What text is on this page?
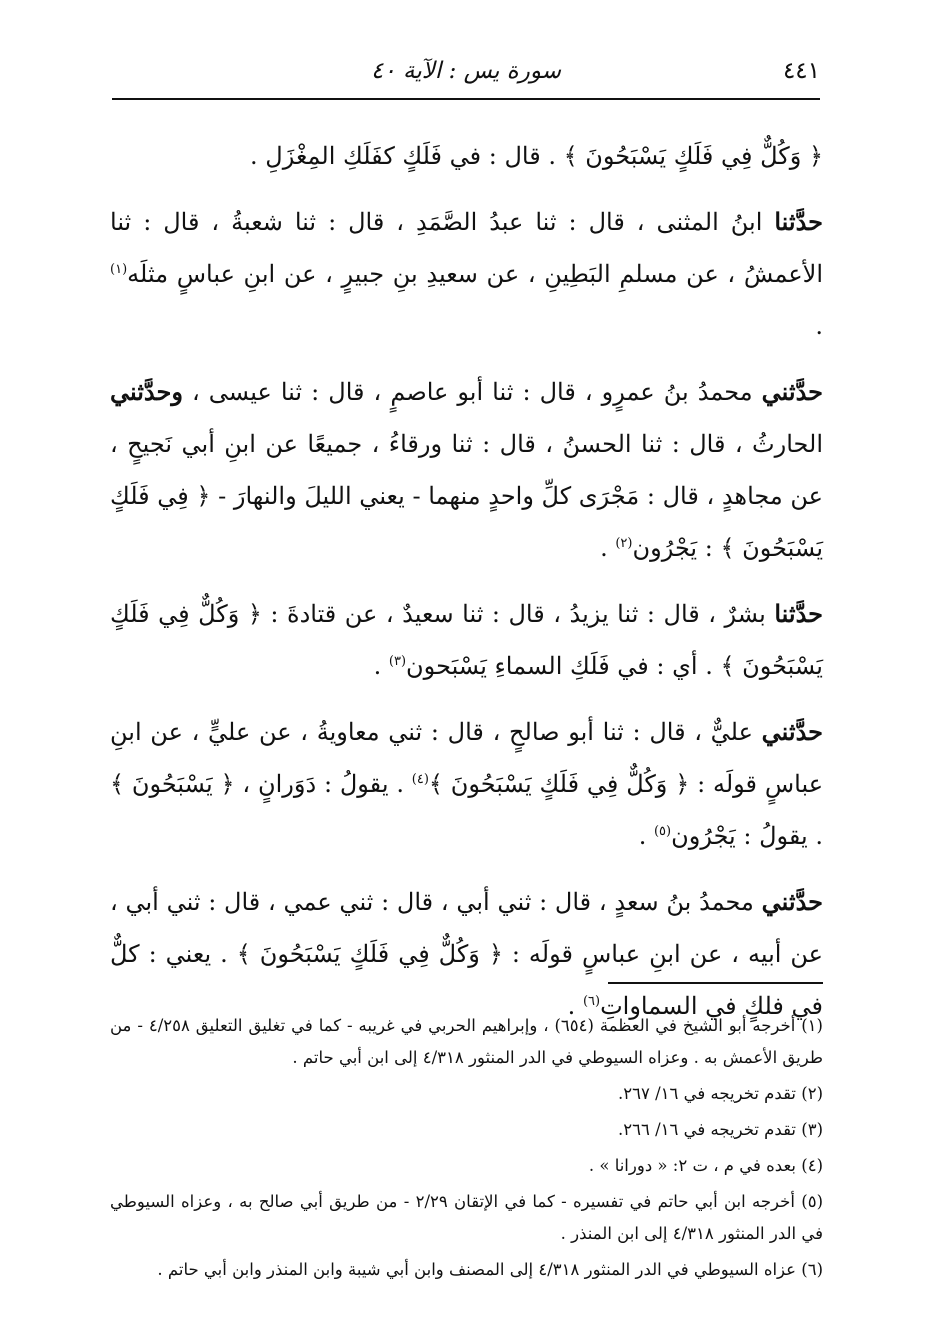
٤٤١
سورة يس : الآية ٤٠

﴿ وَكُلٌّ فِي فَلَكٍ يَسْبَحُونَ ﴾ . قال : في فَلَكٍ كفَلَكِ المِغْزَلِ .

حدَّثنا ابنُ المثنى ، قال : ثنا عبدُ الصَّمَدِ ، قال : ثنا شعبةُ ، قال : ثنا الأعمشُ ، عن مسلمِ البَطِينِ ، عن سعيدِ بنِ جبيرٍ ، عن ابنِ عباسٍ مثلَه$^{(١)}$ .

حدَّثني محمدُ بنُ عمرٍو ، قال : ثنا أبو عاصمٍ ، قال : ثنا عيسى ، وحدَّثني الحارثُ ، قال : ثنا الحسنُ ، قال : ثنا ورقاءُ ، جميعًا عن ابنِ أبي نَجيحٍ ، عن مجاهدٍ ، قال : مَجْرَى كلِّ واحدٍ منهما - يعني الليلَ والنهارَ - ﴿ فِي فَلَكٍ يَسْبَحُونَ ﴾ : يَجْرُون$^{(٢)}$ .

حدَّثنا بشرٌ ، قال : ثنا يزيدُ ، قال : ثنا سعيدٌ ، عن قتادةَ : ﴿ وَكُلٌّ فِي فَلَكٍ يَسْبَحُونَ ﴾ . أي : في فَلَكِ السماءِ يَسْبَحون$^{(٣)}$ .

حدَّثني عليٌّ ، قال : ثنا أبو صالحٍ ، قال : ثني معاويةُ ، عن عليٍّ ، عن ابنِ عباسٍ قولَه : ﴿ وَكُلٌّ فِي فَلَكٍ يَسْبَحُونَ ﴾$^{(٤)}$ . يقولُ : دَوَرانٍ ، ﴿ يَسْبَحُونَ ﴾ . يقولُ : يَجْرُون$^{(٥)}$ .

حدَّثني محمدُ بنُ سعدٍ ، قال : ثني أبي ، قال : ثني عمي ، قال : ثني أبي ، عن أبيه ، عن ابنِ عباسٍ قولَه : ﴿ وَكُلٌّ فِي فَلَكٍ يَسْبَحُونَ ﴾ . يعني : كلٌّ في فلكٍ في السماواتِ$^{(٦)}$ .

(١) أخرجه أبو الشيخ في العظمة (٦٥٤) ، وإبراهيم الحربي في غريبه - كما في تغليق التعليق ٤/٢٥٨ - من طريق الأعمش به . وعزاه السيوطي في الدر المنثور ٤/٣١٨ إلى ابن أبي حاتم .

(٢) تقدم تخريجه في ١٦/ ٢٦٧.

(٣) تقدم تخريجه في ١٦/ ٢٦٦.

(٤) بعده في م ، ت ٢: « دورانا » .

(٥) أخرجه ابن أبي حاتم في تفسيره - كما في الإتقان ٢/٢٩ - من طريق أبي صالح به ، وعزاه السيوطي في الدر المنثور ٤/٣١٨ إلى ابن المنذر .

(٦) عزاه السيوطي في الدر المنثور ٤/٣١٨ إلى المصنف وابن أبي شيبة وابن المنذر وابن أبي حاتم .
